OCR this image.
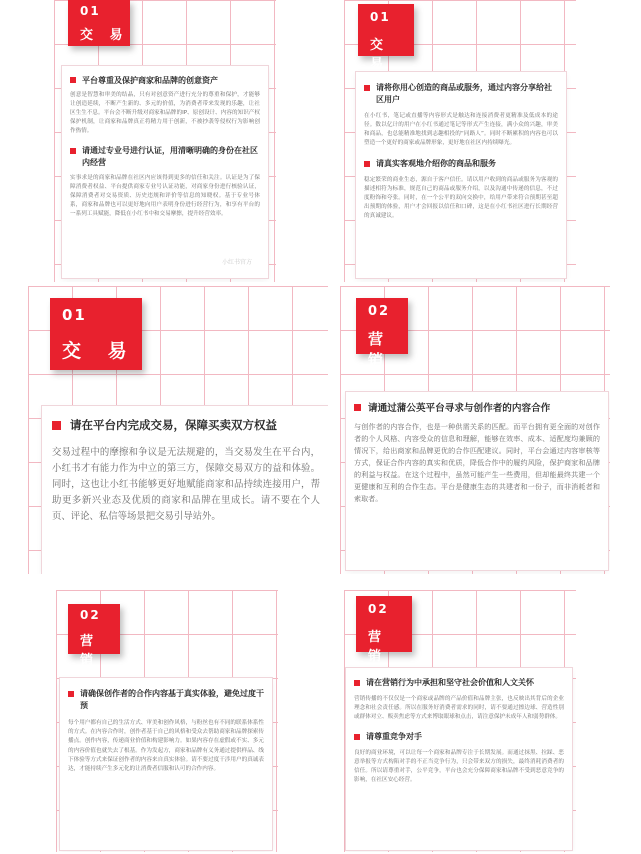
01
交 易
平台尊重及保护商家和品牌的创意资产
创意是智慧和审美的结晶，只有对创意资产进行充分的尊重和保护，才能够让创造延续，不断产生新的、多元的价值，为消费者带来发现的乐趣，让社区生生不息。平台会不断升级对商家和品牌的IP、原创设计、内容的知识产权保护机制，让商家和品牌真正将精力用于创新，不被抄袭等侵权行为影响创作热情。
请通过专业号进行认证，用清晰明确的身份在社区内经营
实事求是的商家和品牌在社区内应该得到更多的信任和关注。认证是为了保障消费者权益、平台提供商家专业号认证功能，对商家身份进行核验认证，保障消费者对交易资质、历史违规和评价等信息的知晓权。基于专业号体系，商家和品牌也可以更好地向用户表明身份进行经营行为，和享有平台的一系列工具赋能，降低在小红书中和交易摩擦，提升经营效率。
小红书官方
01
交 易
请将你用心创造的商品或服务，通过内容分享给社区用户
在小红书，笔记或直播等内容形式是触达和连接消费者更精准及低成本的途径。数以亿计的用户在小红书通过笔记等形式产生连接，满小众的兴趣，审美和商品，也总能精准地找到志趣相投的“同路人”。同时不断累积的内容也可以塑造一个更好的商家或品牌形象，更好地在社区内持续曝光。
请真实客观地介绍你的商品和服务
稳定繁荣的商业生态，源自于客户信任。请以用户收到的商品或服务为客观的描述相符为标准，规范自己的商品或服务介绍，以及沟通中传递的信息，不过度粉饰和夸张。同时，在一个公平的双向交换中，给用户带来符合预期甚至超出预期的体验，用户才会回报以信任和口碑，这是在小红书社区进行长期经营的真诚建议。
01
交 易
请在平台内完成交易，保障买卖双方权益
交易过程中的摩擦和争议是无法规避的，当交易发生在平台内，小红书才有能力作为中立的第三方，保障交易双方的益和体验。同时，这也让小红书能够更好地赋能商家和品持续连接用户，帮助更多新兴业态及优质的商家和品牌在里成长。请不要在个人页、评论、私信等场景把交易引导站外。
02
营 销
请通过蒲公英平台寻求与创作者的内容合作
与创作者的内容合作，也是一种供需关系的匹配。而平台拥有更全面的对创作者的个人风格、内容受众的信息和理解，能够在效率、成本、适配度均兼顾的情况下，给出商家和品牌更优的合作匹配建议。同时，平台会通过内容审核等方式，保证合作内容的真实和优质，降低合作中的履约风险，保护商家和品牌的利益与权益。在这个过程中，虽然可能产生一些费用，但却能最终共建一个更健康和互利的合作生态。平台是健康生态的共建者和一份子，而非消耗者和索取者。
02
营 销
请确保创作者的合作内容基于真实体验，避免过度干预
每个用户都有自己的生活方式、审美和创作风格，与粉丝也有不同的联系体系性的方式。在内容合作时，创作者基于自己的风格和受众去帮助商家和品牌探索传播点。创作内容，传递商业价值和构建影响力。如果内容存在虚假或不实、多元的内容价值也就失去了根基。作为发起方，商家和品牌有义务通过提供样品、线下体验等方式来保证创作者的内容来自真实体验。请不要过度干涉用户的真诚表达，才能持续产生多元化的让消费者信服和认可的合作内容。
02
营 销
请在营销行为中承担和坚守社会价值和人文关怀
营销传播的不仅仅是一个商家或品牌的产品价值和品牌主张，也反映出其背后的企业理念和社会责任感。所以在服务好消费者需求的同时，请不要通过擦边球、营造性别或群体对立、贩卖焦虑等方式来博取眼球和点击，请注意保护未成年人和弱势群体。
请尊重竞争对手
良好的商业环境，可以让每一个商家和品牌专注于长期发展。而通过抹黑、拉踩、恶意举报等方式构陷对手的不正当竞争行为，只会带来双方的损失，最终消耗消费者的信任。所以请尊重对手，公平竞争，平台也会充分保障商家和品牌不受到恶意竞争的影响，在社区安心经营。
